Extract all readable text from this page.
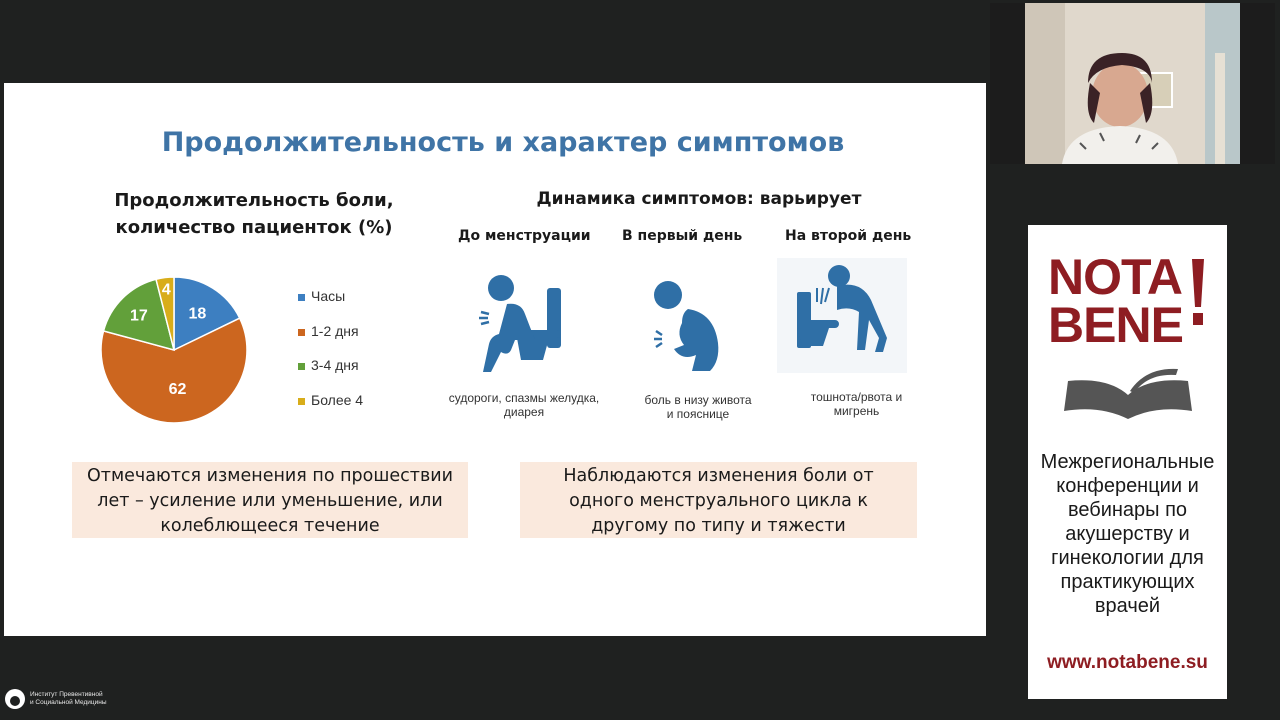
Продолжительность и характер симптомов
Продолжительность боли,
количество пациенток (%)
18
62
17
4	Часы
1-2 дня
3-4 дня
Более 4
Динамика симптомов: варьирует
До менструации В первый день	На второй день
судороги, спазмы желудка,
диарея
боль в низу живота
и пояснице
тошнота/рвота и
мигрень
Отмечаются изменения по прошествии
лет – усиление или уменьшение, или
колеблющееся течение
Наблюдаются изменения боли от
одного менструального цикла к
другому по типу и тяжести
NOTA
BENE
Межрегиональные
конференции и
вебинары по
акушерству и
гинекологии для
практикующих
врачей
www.notabene.su
Институт Превентивной
и Социальной Медицины
